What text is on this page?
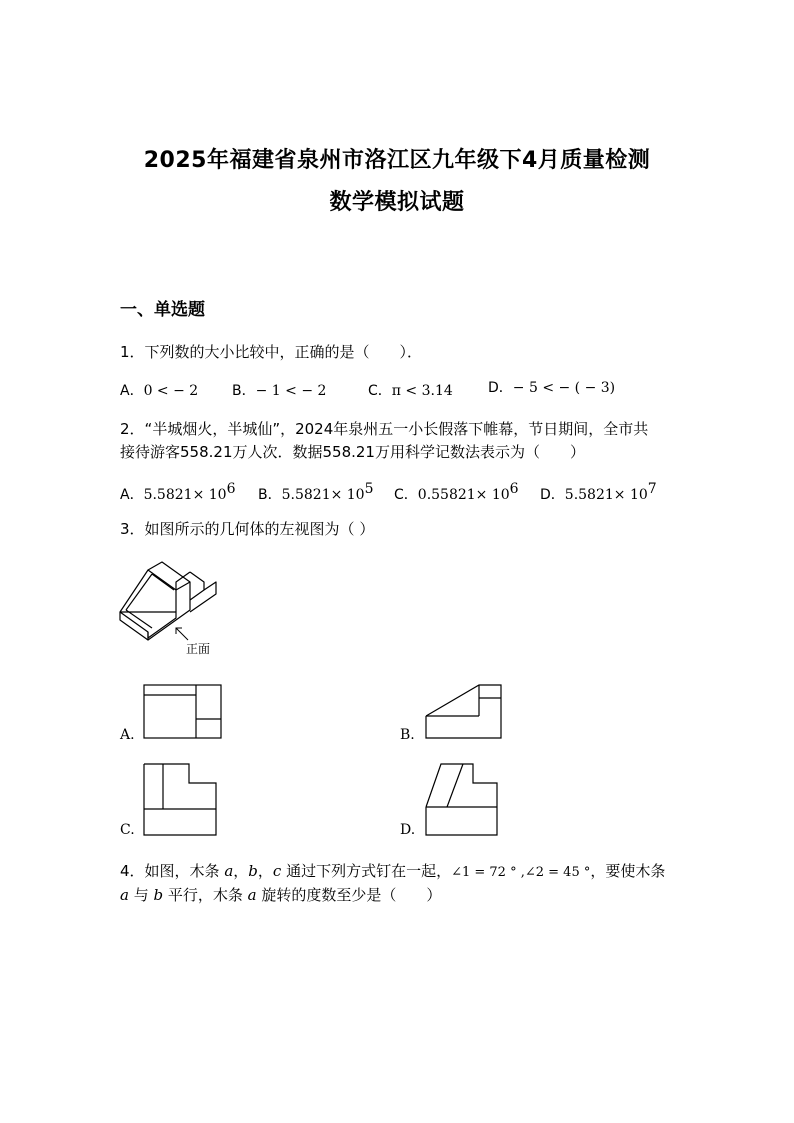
2025年福建省泉州市洛江区九年级下4月质量检测
数学模拟试题
一、单选题
1．下列数的大小比较中，正确的是（　　）．
A．0 < − 2 B．− 1 < − 2	C．π < 3.14	D．− 5 < − ( − 3)
2．“半城烟火，半城仙”，2024年泉州五一小长假落下帷幕，节日期间，全市共
接待游客558.21万人次．数据558.21万用科学记数法表示为（　　）
A．$5.5821\times 10^6$ B．$5.5821\times 10^5$ C．$0.55821\times 10^6$ D．$5.5821\times 10^7$
3．如图所示的几何体的左视图为（ ）
正面
A.	B.
C.	D.
4．如图，木条 a，b，c 通过下列方式钉在一起，∠1 = 72 ° ,∠2 = 45 °，要使木条
a 与 b 平行，木条 a 旋转的度数至少是（　　）
